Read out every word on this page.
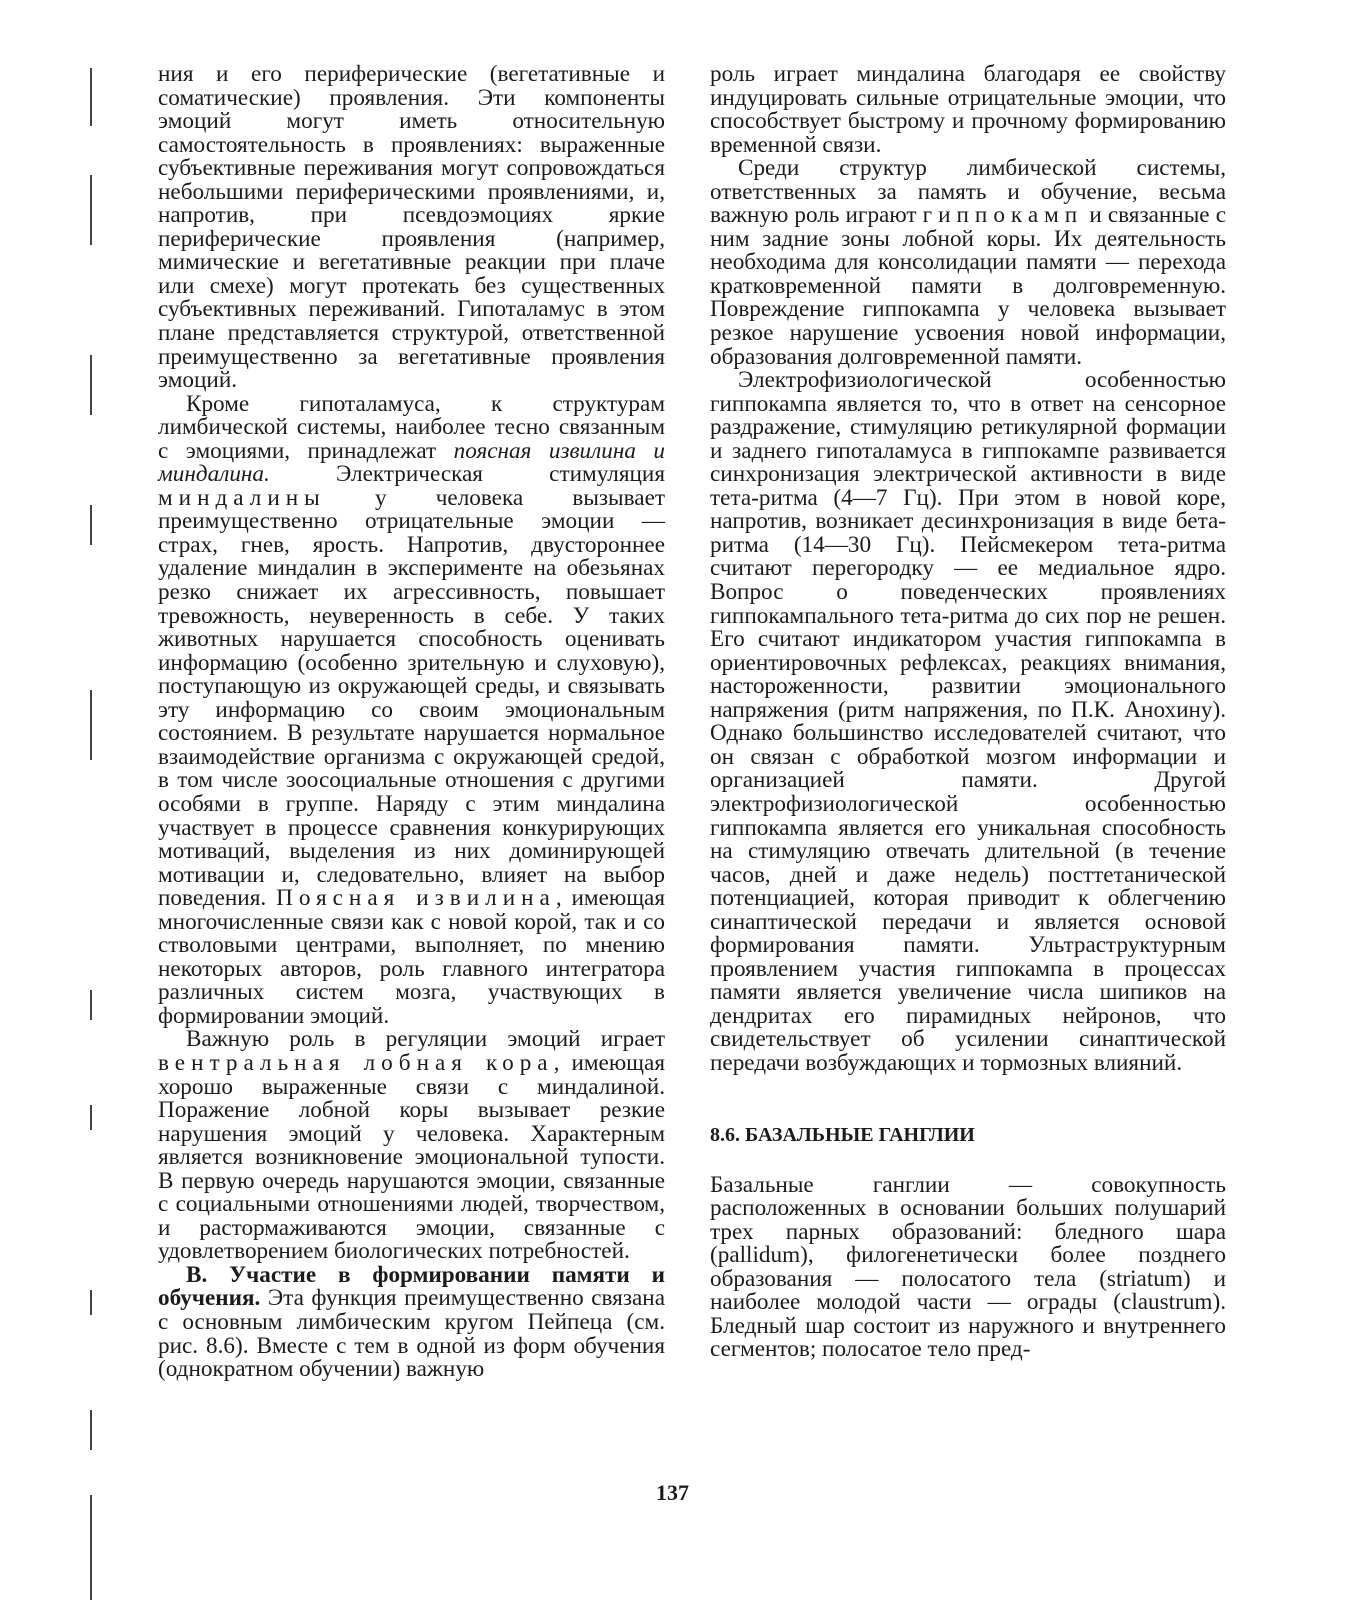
ния и его периферические (вегетативные и соматические) проявления. Эти компоненты эмоций могут иметь относительную самостоятельность в проявлениях: выраженные субъективные переживания могут сопровождаться небольшими периферическими проявлениями, и, напротив, при псевдоэмоциях яркие периферические проявления (например, мимические и вегетативные реакции при плаче или смехе) могут протекать без существенных субъективных переживаний. Гипоталамус в этом плане представляется структурой, ответственной преимущественно за вегетативные проявления эмоций.

Кроме гипоталамуса, к структурам лимбической системы, наиболее тесно связанным с эмоциями, принадлежат поясная извилина и миндалина. Электрическая стимуляция миндалины у человека вызывает преимущественно отрицательные эмоции — страх, гнев, ярость. Напротив, двустороннее удаление миндалин в эксперименте на обезьянах резко снижает их агрессивность, повышает тревожность, неуверенность в себе. У таких животных нарушается способность оценивать информацию (особенно зрительную и слуховую), поступающую из окружающей среды, и связывать эту информацию со своим эмоциональным состоянием. В результате нарушается нормальное взаимодействие организма с окружающей средой, в том числе зоосоциальные отношения с другими особями в группе. Наряду с этим миндалина участвует в процессе сравнения конкурирующих мотиваций, выделения из них доминирующей мотивации и, следовательно, влияет на выбор поведения. Поясная извилина, имеющая многочисленные связи как с новой корой, так и со стволовыми центрами, выполняет, по мнению некоторых авторов, роль главного интегратора различных систем мозга, участвующих в формировании эмоций.

Важную роль в регуляции эмоций играет вентральная лобная кора, имеющая хорошо выраженные связи с миндалиной. Поражение лобной коры вызывает резкие нарушения эмоций у человека. Характерным является возникновение эмоциональной тупости. В первую очередь нарушаются эмоции, связанные с социальными отношениями людей, творчеством, и растормаживаются эмоции, связанные с удовлетворением биологических потребностей.

В. Участие в формировании памяти и обучения. Эта функция преимущественно связана с основным лимбическим кругом Пейпеца (см. рис. 8.6). Вместе с тем в одной из форм обучения (однократном обучении) важную

роль играет миндалина благодаря ее свойству индуцировать сильные отрицательные эмоции, что способствует быстрому и прочному формированию временной связи.

Среди структур лимбической системы, ответственных за память и обучение, весьма важную роль играют гиппокамп и связанные с ним задние зоны лобной коры. Их деятельность необходима для консолидации памяти — перехода кратковременной памяти в долговременную. Повреждение гиппокампа у человека вызывает резкое нарушение усвоения новой информации, образования долговременной памяти.

Электрофизиологической особенностью гиппокампа является то, что в ответ на сенсорное раздражение, стимуляцию ретикулярной формации и заднего гипоталамуса в гиппокампе развивается синхронизация электрической активности в виде тета-ритма (4—7 Гц). При этом в новой коре, напротив, возникает десинхронизация в виде бета-ритма (14—30 Гц). Пейсмекером тета-ритма считают перегородку — ее медиальное ядро. Вопрос о поведенческих проявлениях гиппокампального тета-ритма до сих пор не решен. Его считают индикатором участия гиппокампа в ориентировочных рефлексах, реакциях внимания, настороженности, развитии эмоционального напряжения (ритм напряжения, по П.К. Анохину). Однако большинство исследователей считают, что он связан с обработкой мозгом информации и организацией памяти. Другой электрофизиологической особенностью гиппокампа является его уникальная способность на стимуляцию отвечать длительной (в течение часов, дней и даже недель) посттетанической потенциацией, которая приводит к облегчению синаптической передачи и является основой формирования памяти. Ультраструктурным проявлением участия гиппокампа в процессах памяти является увеличение числа шипиков на дендритах его пирамидных нейронов, что свидетельствует об усилении синаптической передачи возбуждающих и тормозных влияний.

8.6. БАЗАЛЬНЫЕ ГАНГЛИИ

Базальные ганглии — совокупность расположенных в основании больших полушарий трех парных образований: бледного шара (pallidum), филогенетически более позднего образования — полосатого тела (striatum) и наиболее молодой части — ограды (claustrum). Бледный шар состоит из наружного и внутреннего сегментов; полосатое тело пред-

137
